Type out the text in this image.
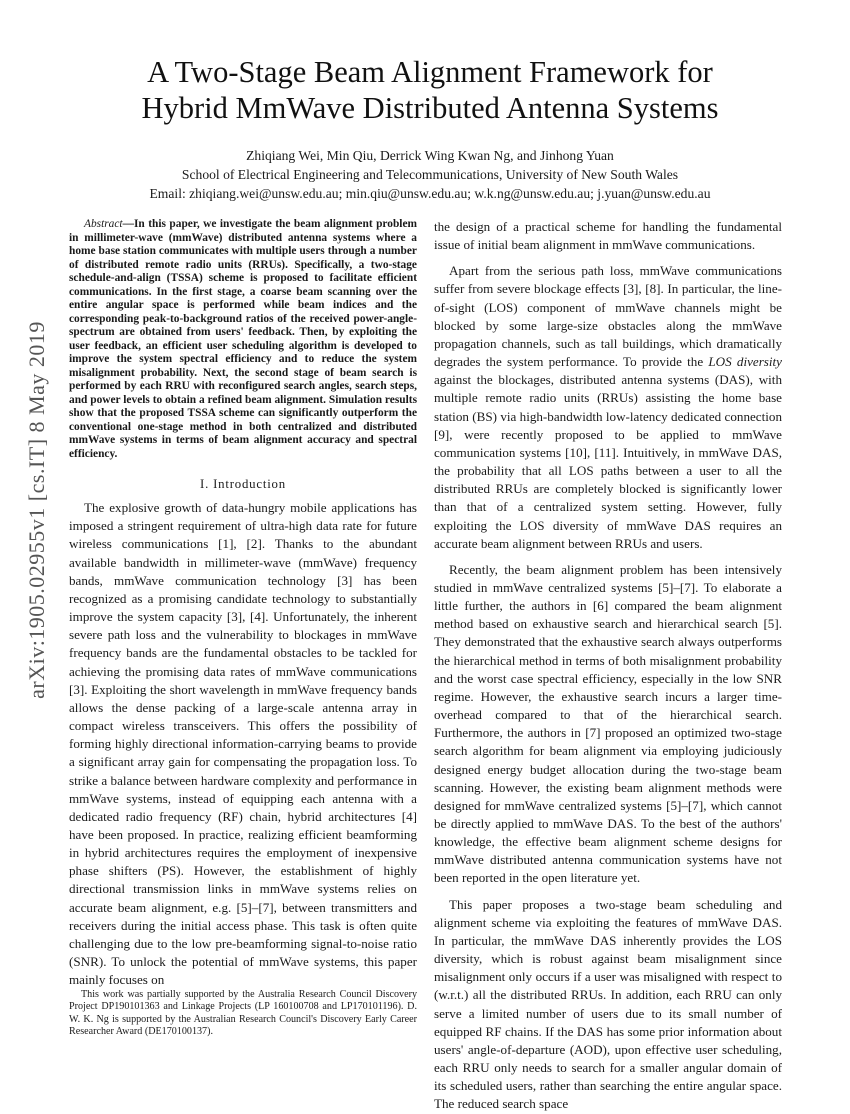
arXiv:1905.02955v1 [cs.IT] 8 May 2019
A Two-Stage Beam Alignment Framework for
Hybrid MmWave Distributed Antenna Systems
Zhiqiang Wei, Min Qiu, Derrick Wing Kwan Ng, and Jinhong Yuan
School of Electrical Engineering and Telecommunications, University of New South Wales
Email: zhiqiang.wei@unsw.edu.au; min.qiu@unsw.edu.au; w.k.ng@unsw.edu.au; j.yuan@unsw.edu.au

Abstract—In this paper, we investigate the beam alignment problem in millimeter-wave (mmWave) distributed antenna systems where a home base station communicates with multiple users through a number of distributed remote radio units (RRUs). Specifically, a two-stage schedule-and-align (TSSA) scheme is proposed to facilitate efficient communications. In the first stage, a coarse beam scanning over the entire angular space is performed while beam indices and the corresponding peak-to-background ratios of the received power-angle-spectrum are obtained from users' feedback. Then, by exploiting the user feedback, an efficient user scheduling algorithm is developed to improve the system spectral efficiency and to reduce the system misalignment probability. Next, the second stage of beam search is performed by each RRU with reconfigured search angles, search steps, and power levels to obtain a refined beam alignment. Simulation results show that the proposed TSSA scheme can significantly outperform the conventional one-stage method in both centralized and distributed mmWave systems in terms of beam alignment accuracy and spectral efficiency.

I. Introduction

The explosive growth of data-hungry mobile applications has imposed a stringent requirement of ultra-high data rate for future wireless communications [1], [2]. Thanks to the abundant available bandwidth in millimeter-wave (mmWave) frequency bands, mmWave communication technology [3] has been recognized as a promising candidate technology to substantially improve the system capacity [3], [4]. Unfortunately, the inherent severe path loss and the vulnerability to blockages in mmWave frequency bands are the fundamental obstacles to be tackled for achieving the promising data rates of mmWave communications [3]. Exploiting the short wavelength in mmWave frequency bands allows the dense packing of a large-scale antenna array in compact wireless transceivers. This offers the possibility of forming highly directional information-carrying beams to provide a significant array gain for compensating the propagation loss. To strike a balance between hardware complexity and performance in mmWave systems, instead of equipping each antenna with a dedicated radio frequency (RF) chain, hybrid architectures [4] have been proposed. In practice, realizing efficient beamforming in hybrid architectures requires the employment of inexpensive phase shifters (PS). However, the establishment of highly directional transmission links in mmWave systems relies on accurate beam alignment, e.g. [5]–[7], between transmitters and receivers during the initial access phase. This task is often quite challenging due to the low pre-beamforming signal-to-noise ratio (SNR). To unlock the potential of mmWave systems, this paper mainly focuses on

This work was partially supported by the Australia Research Council Discovery Project DP190101363 and Linkage Projects (LP 160100708 and LP170101196). D. W. K. Ng is supported by the Australian Research Council's Discovery Early Career Researcher Award (DE170100137).

the design of a practical scheme for handling the fundamental issue of initial beam alignment in mmWave communications.

Apart from the serious path loss, mmWave communications suffer from severe blockage effects [3], [8]. In particular, the line-of-sight (LOS) component of mmWave channels might be blocked by some large-size obstacles along the mmWave propagation channels, such as tall buildings, which dramatically degrades the system performance. To provide the LOS diversity against the blockages, distributed antenna systems (DAS), with multiple remote radio units (RRUs) assisting the home base station (BS) via high-bandwidth low-latency dedicated connection [9], were recently proposed to be applied to mmWave communication systems [10], [11]. Intuitively, in mmWave DAS, the probability that all LOS paths between a user to all the distributed RRUs are completely blocked is significantly lower than that of a centralized system setting. However, fully exploiting the LOS diversity of mmWave DAS requires an accurate beam alignment between RRUs and users.

Recently, the beam alignment problem has been intensively studied in mmWave centralized systems [5]–[7]. To elaborate a little further, the authors in [6] compared the beam alignment method based on exhaustive search and hierarchical search [5]. They demonstrated that the exhaustive search always outperforms the hierarchical method in terms of both misalignment probability and the worst case spectral efficiency, especially in the low SNR regime. However, the exhaustive search incurs a larger time-overhead compared to that of the hierarchical search. Furthermore, the authors in [7] proposed an optimized two-stage search algorithm for beam alignment via employing judiciously designed energy budget allocation during the two-stage beam scanning. However, the existing beam alignment methods were designed for mmWave centralized systems [5]–[7], which cannot be directly applied to mmWave DAS. To the best of the authors' knowledge, the effective beam alignment scheme designs for mmWave distributed antenna communication systems have not been reported in the open literature yet.

This paper proposes a two-stage beam scheduling and alignment scheme via exploiting the features of mmWave DAS. In particular, the mmWave DAS inherently provides the LOS diversity, which is robust against beam misalignment since misalignment only occurs if a user was misaligned with respect to (w.r.t.) all the distributed RRUs. In addition, each RRU can only serve a limited number of users due to its small number of equipped RF chains. If the DAS has some prior information about users' angle-of-departure (AOD), upon effective user scheduling, each RRU only needs to search for a smaller angular domain of its scheduled users, rather than searching the entire angular space. The reduced search space
